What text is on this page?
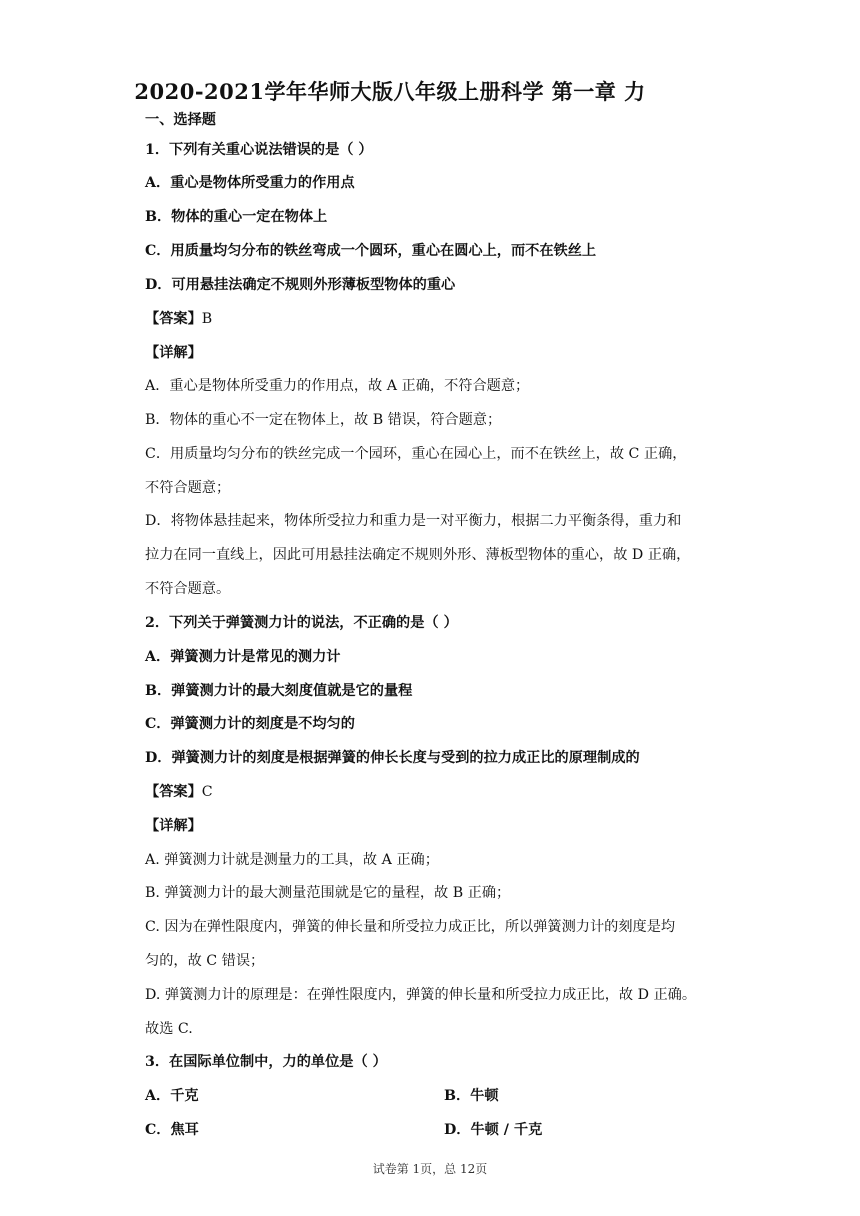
2020-2021学年华师大版八年级上册科学 第一章 力
一、选择题
1．下列有关重心说法错误的是（ ）
A．重心是物体所受重力的作用点
B．物体的重心一定在物体上
C．用质量均匀分布的铁丝弯成一个圆环，重心在圆心上，而不在铁丝上
D．可用悬挂法确定不规则外形薄板型物体的重心
【答案】B
【详解】
A．重心是物体所受重力的作用点，故 A 正确，不符合题意；
B．物体的重心不一定在物体上，故 B 错误，符合题意；
C．用质量均匀分布的铁丝完成一个园环，重心在园心上，而不在铁丝上，故 C 正确，
不符合题意；
D．将物体悬挂起来，物体所受拉力和重力是一对平衡力，根据二力平衡条得，重力和
拉力在同一直线上，因此可用悬挂法确定不规则外形、薄板型物体的重心，故 D 正确，
不符合题意。
2．下列关于弹簧测力计的说法，不正确的是（ ）
A．弹簧测力计是常见的测力计
B．弹簧测力计的最大刻度值就是它的量程
C．弹簧测力计的刻度是不均匀的
D．弹簧测力计的刻度是根据弹簧的伸长长度与受到的拉力成正比的原理制成的
【答案】C
【详解】
A. 弹簧测力计就是测量力的工具，故 A 正确；
B. 弹簧测力计的最大测量范围就是它的量程，故 B 正确；
C. 因为在弹性限度内，弹簧的伸长量和所受拉力成正比，所以弹簧测力计的刻度是均
匀的，故 C 错误；
D. 弹簧测力计的原理是：在弹性限度内，弹簧的伸长量和所受拉力成正比，故 D 正确。
故选 C.
3．在国际单位制中，力的单位是（ ）
A．千克	B．牛顿
C．焦耳	D．牛顿 / 千克
试卷第 1页，总 12页
